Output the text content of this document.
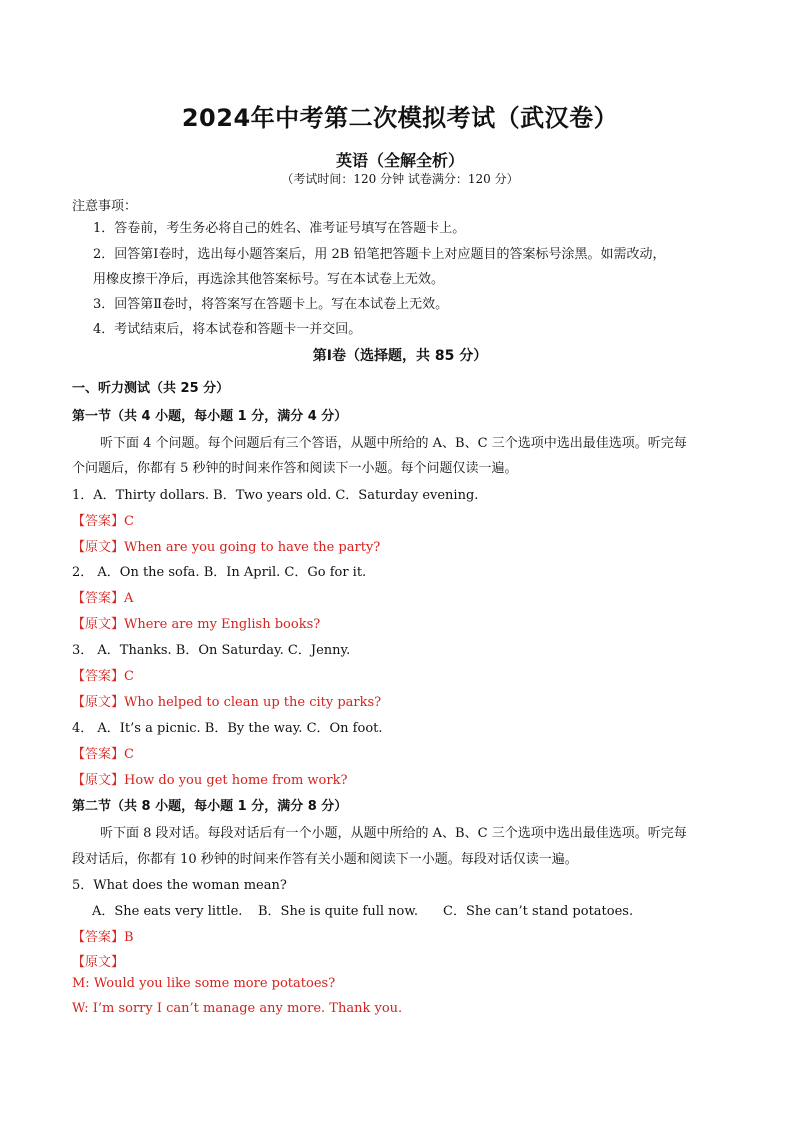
2024年中考第二次模拟考试（武汉卷）
英语（全解全析）
（考试时间：120 分钟 试卷满分：120 分）
注意事项：
1．答卷前，考生务必将自己的姓名、准考证号填写在答题卡上。
2．回答第Ⅰ卷时，选出每小题答案后，用 2B 铅笔把答题卡上对应题目的答案标号涂黑。如需改动，
用橡皮擦干净后，再选涂其他答案标号。写在本试卷上无效。
3．回答第Ⅱ卷时，将答案写在答题卡上。写在本试卷上无效。
4．考试结束后，将本试卷和答题卡一并交回。
第Ⅰ卷（选择题，共 85 分）
一、听力测试（共 25 分）
第一节（共 4 小题，每小题 1 分，满分 4 分）
听下面 4 个问题。每个问题后有三个答语，从题中所给的 A、B、C 三个选项中选出最佳选项。听完每
个问题后，你都有 5 秒钟的时间来作答和阅读下一小题。每个问题仅读一遍。
1．A．Thirty dollars. B．Two years old. C．Saturday evening.
【答案】C
【原文】When are you going to have the party?
2． A．On the sofa. B．In April. C．Go for it.
【答案】A
【原文】Where are my English books?
3． A．Thanks. B．On Saturday. C．Jenny.
【答案】C
【原文】Who helped to clean up the city parks?
4． A．It’s a picnic. B．By the way. C．On foot.
【答案】C
【原文】How do you get home from work?
第二节（共 8 小题，每小题 1 分，满分 8 分）
听下面 8 段对话。每段对话后有一个小题，从题中所给的 A、B、C 三个选项中选出最佳选项。听完每
段对话后，你都有 10 秒钟的时间来作答有关小题和阅读下一小题。每段对话仅读一遍。
5．What does the woman mean?
A．She eats very little. B．She is quite full now. C．She can’t stand potatoes.
【答案】B
【原文】
M: Would you like some more potatoes?
W: I’m sorry I can’t manage any more. Thank you.
